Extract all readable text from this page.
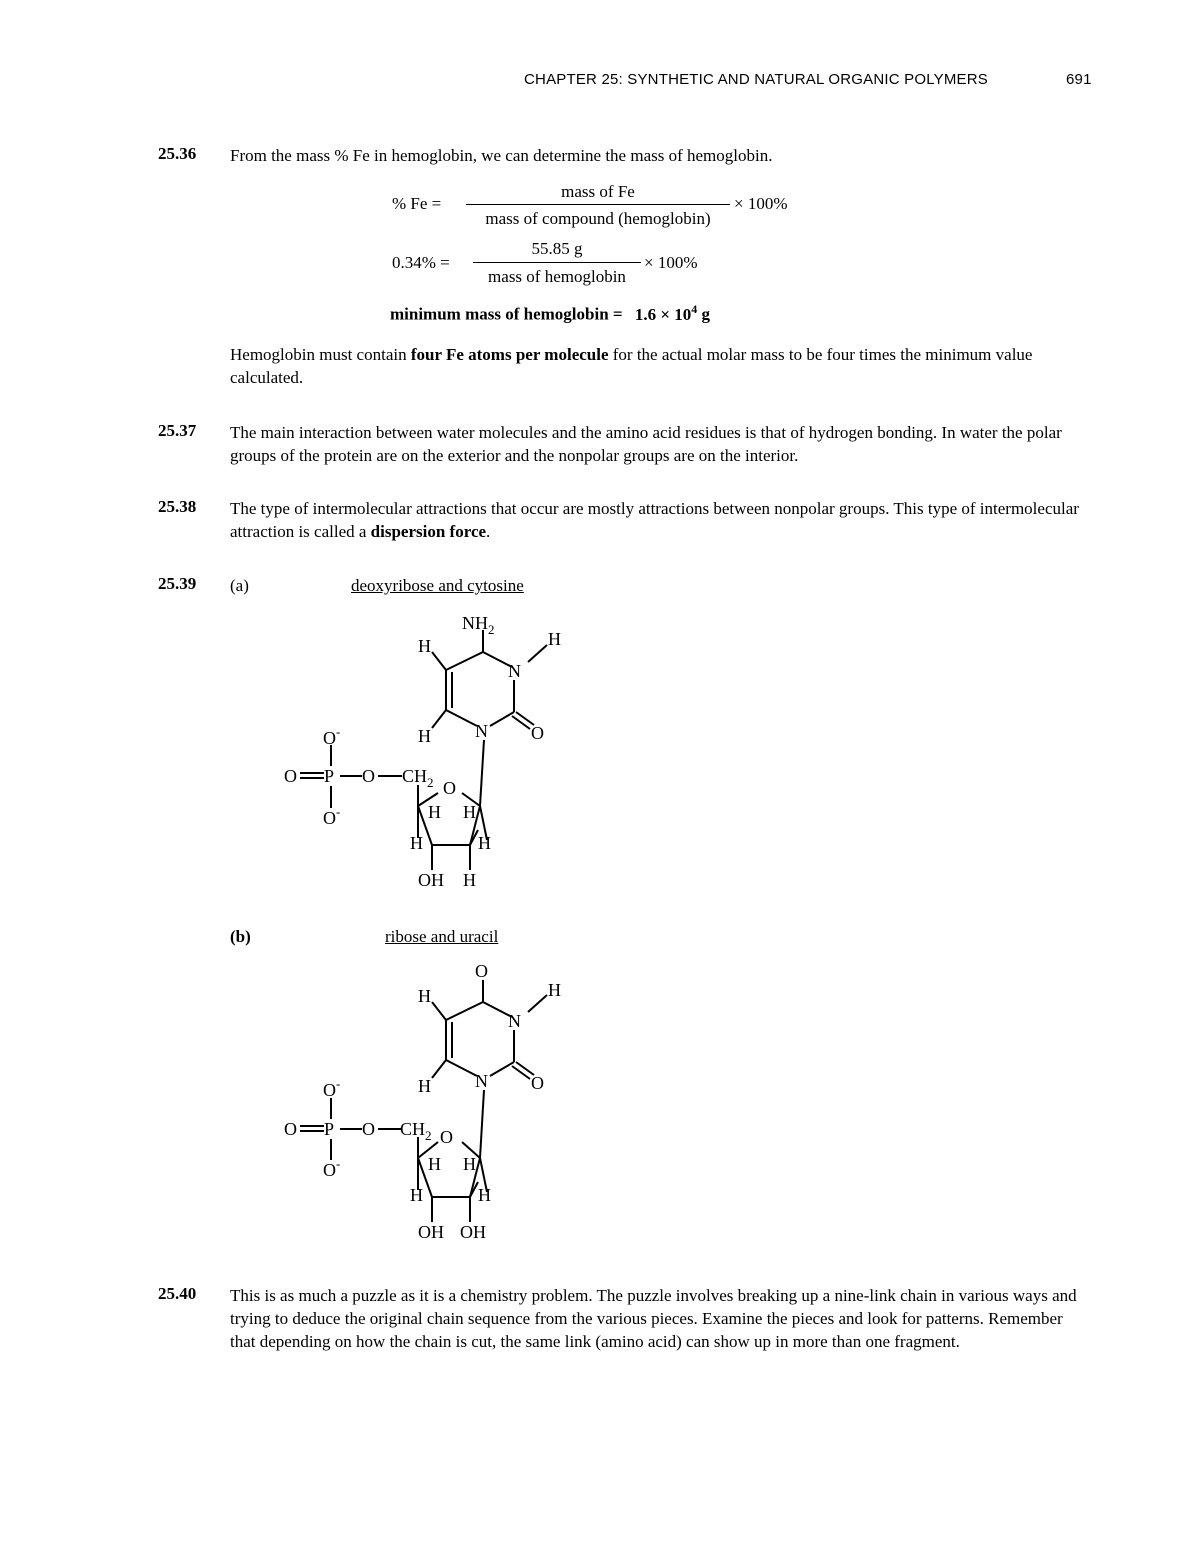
CHAPTER 25: SYNTHETIC AND NATURAL ORGANIC POLYMERS	691
25.36 From the mass % Fe in hemoglobin, we can determine the mass of hemoglobin.
% Fe =
mass of Fe
mass of compound (hemoglobin)
× 100%
0.34% =
55.85 g
mass of hemoglobin
× 100%
minimum mass of hemoglobin = $1.6 \times 10^4$ g
Hemoglobin must contain four Fe atoms per molecule for the actual molar mass to be four times the minimum value calculated.
25.37 The main interaction between water molecules and the amino acid residues is that of hydrogen bonding. In water the polar groups of the protein are on the exterior and the nonpolar groups are on the interior.
25.38 The type of intermolecular attractions that occur are mostly attractions between nonpolar groups. This type of intermolecular attraction is called a dispersion force.
25.39 (a)	deoxyribose and cytosine
$NH_2$
H	H
N
H N O
O-
O P O $CH_2$ O
O-	H H
H	H
OH H
(b)	ribose and uracil
O
H	H
N
H N O
O-
O P O $CH_2$ O
O-	H H
H	H
OH OH
25.40 This is as much a puzzle as it is a chemistry problem. The puzzle involves breaking up a nine-link chain in various ways and trying to deduce the original chain sequence from the various pieces. Examine the pieces and look for patterns. Remember that depending on how the chain is cut, the same link (amino acid) can show up in more than one fragment.
